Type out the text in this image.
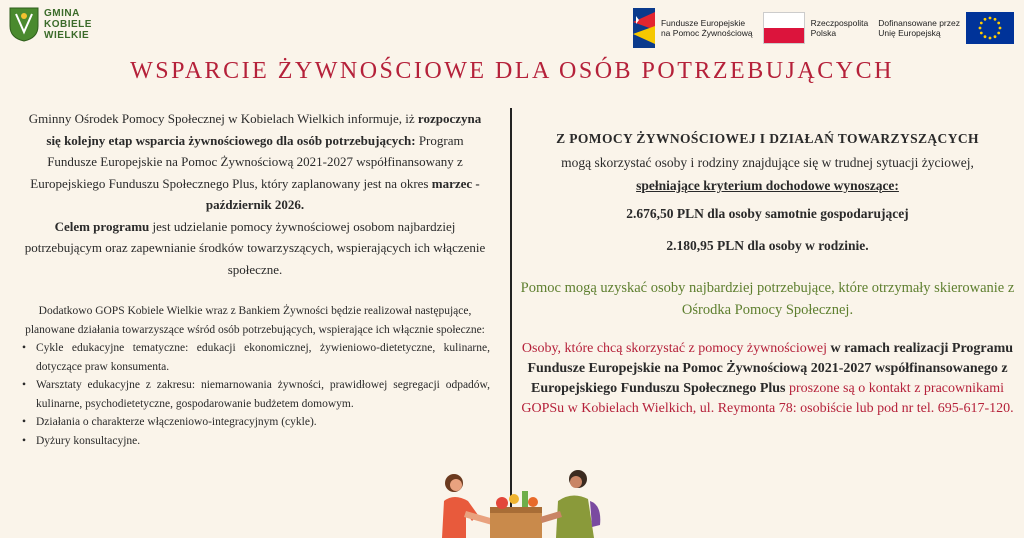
GMINA
KOBIELE
WIELKIE
Fundusze Europejskie
na Pomoc Żywnościową
Rzeczpospolita
Polska
Dofinansowane przez
Unię Europejską
WSPARCIE ŻYWNOŚCIOWE DLA OSÓB POTRZEBUJĄCYCH
Gminny Ośrodek Pomocy Społecznej w Kobielach Wielkich informuje, iż rozpoczyna się kolejny etap wsparcia żywnościowego dla osób potrzebujących: Program Fundusze Europejskie na Pomoc Żywnościową 2021-2027 współfinansowany z Europejskiego Funduszu Społecznego Plus, który zaplanowany jest na okres marzec - październik 2026.
Celem programu jest udzielanie pomocy żywnościowej osobom najbardziej potrzebującym oraz zapewnianie środków towarzyszących, wspierających ich włączenie społeczne.
Dodatkowo GOPS Kobiele Wielkie wraz z Bankiem Żywności będzie realizował następujące, planowane działania towarzyszące wśród osób potrzebujących, wspierające ich włącznie społeczne:
• Cykle edukacyjne tematyczne: edukacji ekonomicznej, żywieniowo-dietetyczne, kulinarne, dotyczące praw konsumenta.
• Warsztaty edukacyjne z zakresu: niemarnowania żywności, prawidłowej segregacji odpadów, kulinarne, psychodietetyczne, gospodarowanie budżetem domowym.
• Działania o charakterze włączeniowo-integracyjnym (cykle).
• Dyżury konsultacyjne.
Z POMOCY ŻYWNOŚCIOWEJ I DZIAŁAŃ TOWARZYSZĄCYCH
mogą skorzystać osoby i rodziny znajdujące się w trudnej sytuacji życiowej,
spełniające kryterium dochodowe wynoszące:
2.676,50 PLN dla osoby samotnie gospodarującej
2.180,95 PLN dla osoby w rodzinie.
Pomoc mogą uzyskać osoby najbardziej potrzebujące, które otrzymały skierowanie z Ośrodka Pomocy Społecznej.
Osoby, które chcą skorzystać z pomocy żywnościowej w ramach realizacji Programu Fundusze Europejskie na Pomoc Żywnościową 2021-2027 współfinansowanego z Europejskiego Funduszu Społecznego Plus proszone są o kontakt z pracownikami GOPSu w Kobielach Wielkich, ul. Reymonta 78: osobiście lub pod nr tel. 695-617-120.
